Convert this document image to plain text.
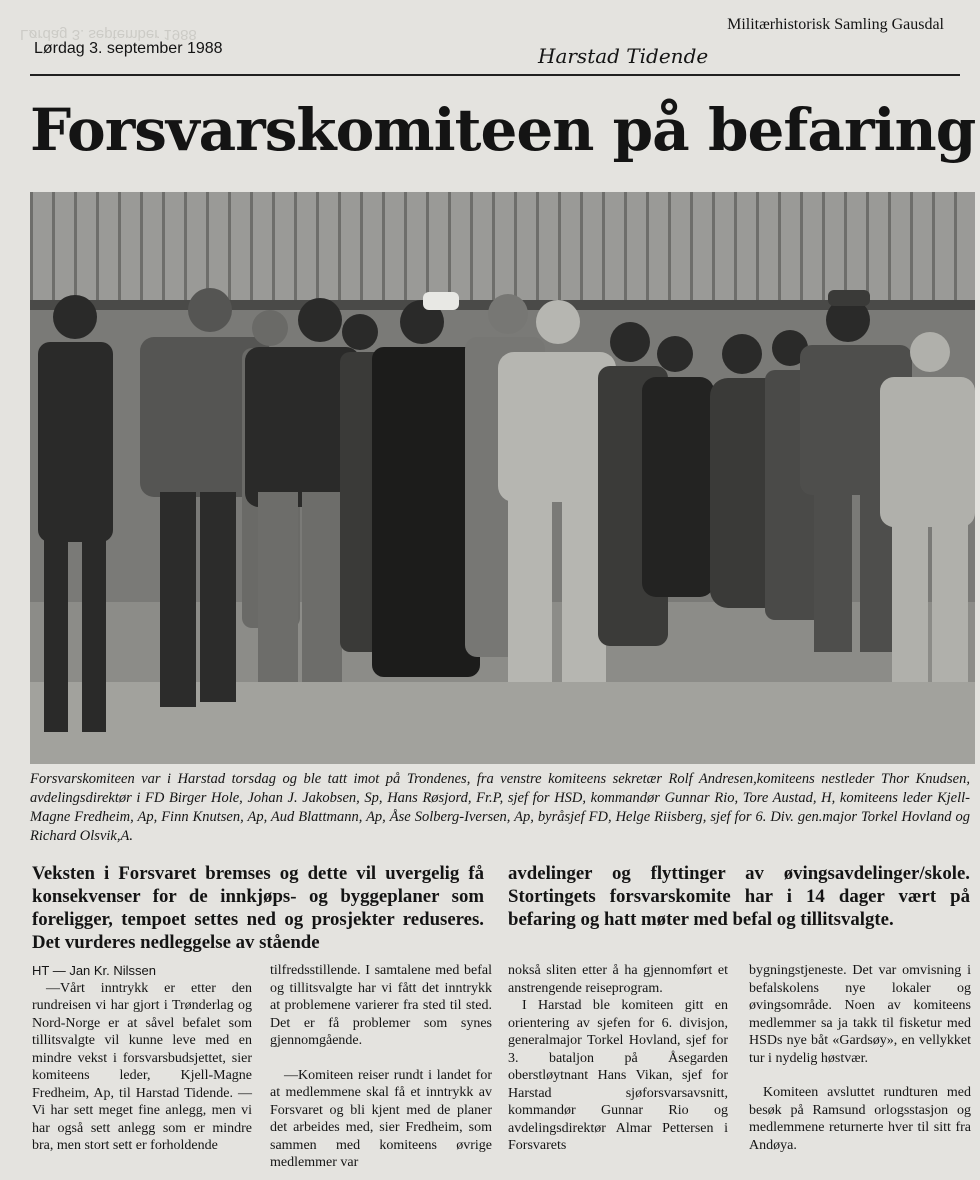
Lørdag 3. september 1988
Militærhistorisk Samling Gausdal
Lørdag 3. september 1988	Harstad Tidende
Forsvarskomiteen på befaring
Forsvarskomiteen var i Harstad torsdag og ble tatt imot på Trondenes, fra venstre komiteens sekretær Rolf Andresen,komiteens nestleder Thor Knudsen, avdelingsdirektør i FD Birger Hole, Johan J. Jakobsen, Sp, Hans Røsjord, Fr.P, sjef for HSD, kommandør Gunnar Rio, Tore Austad, H, komiteens leder Kjell-Magne Fredheim, Ap, Finn Knutsen, Ap, Aud Blattmann, Ap, Åse Solberg-Iversen, Ap, byråsjef FD, Helge Riisberg, sjef for 6. Div. gen.major Torkel Hovland og Richard Olsvik,A.
Veksten i Forsvaret bremses og dette vil uvergelig få konsekvenser for de innkjøps- og byggeplaner som foreligger, tempoet settes ned og prosjekter reduseres. Det vurderes nedleggelse av stående
avdelinger og flyttinger av øvingsavdelinger/skole. Stortingets forsvarskomite har i 14 dager vært på befaring og hatt møter med befal og tillitsvalgte.

HT — Jan Kr. Nilssen

—Vårt inntrykk er etter den rundreisen vi har gjort i Trønderlag og Nord-Norge er at såvel befalet som tillitsvalgte vil kunne leve med en mindre vekst i forsvarsbudsjettet, sier komiteens leder, Kjell-Magne Fredheim, Ap, til Harstad Tidende. — Vi har sett meget fine anlegg, men vi har også sett anlegg som er mindre bra, men stort sett er forholdende

tilfredsstillende. I samtalene med befal og tillitsvalgte har vi fått det inntrykk at problemene varierer fra sted til sted. Det er få problemer som synes gjennomgående.

—Komiteen reiser rundt i landet for at medlemmene skal få et inntrykk av Forsvaret og bli kjent med de planer det arbeides med, sier Fredheim, som sammen med komiteens øvrige medlemmer var

nokså sliten etter å ha gjennomført et anstrengende reiseprogram.

I Harstad ble komiteen gitt en orientering av sjefen for 6. divisjon, generalmajor Torkel Hovland, sjef for 3. bataljon på Åsegarden oberstløytnant Hans Vikan, sjef for Harstad sjøforsvarsavsnitt, kommandør Gunnar Rio og avdelingsdirektør Almar Pettersen i Forsvarets

bygningstjeneste. Det var omvisning i befalskolens nye lokaler og øvingsområde. Noen av komiteens medlemmer sa ja takk til fisketur med HSDs nye båt «Gardsøy», en vellykket tur i nydelig høstvær.

Komiteen avsluttet rundturen med besøk på Ramsund orlogsstasjon og medlemmene returnerte hver til sitt fra Andøya.
